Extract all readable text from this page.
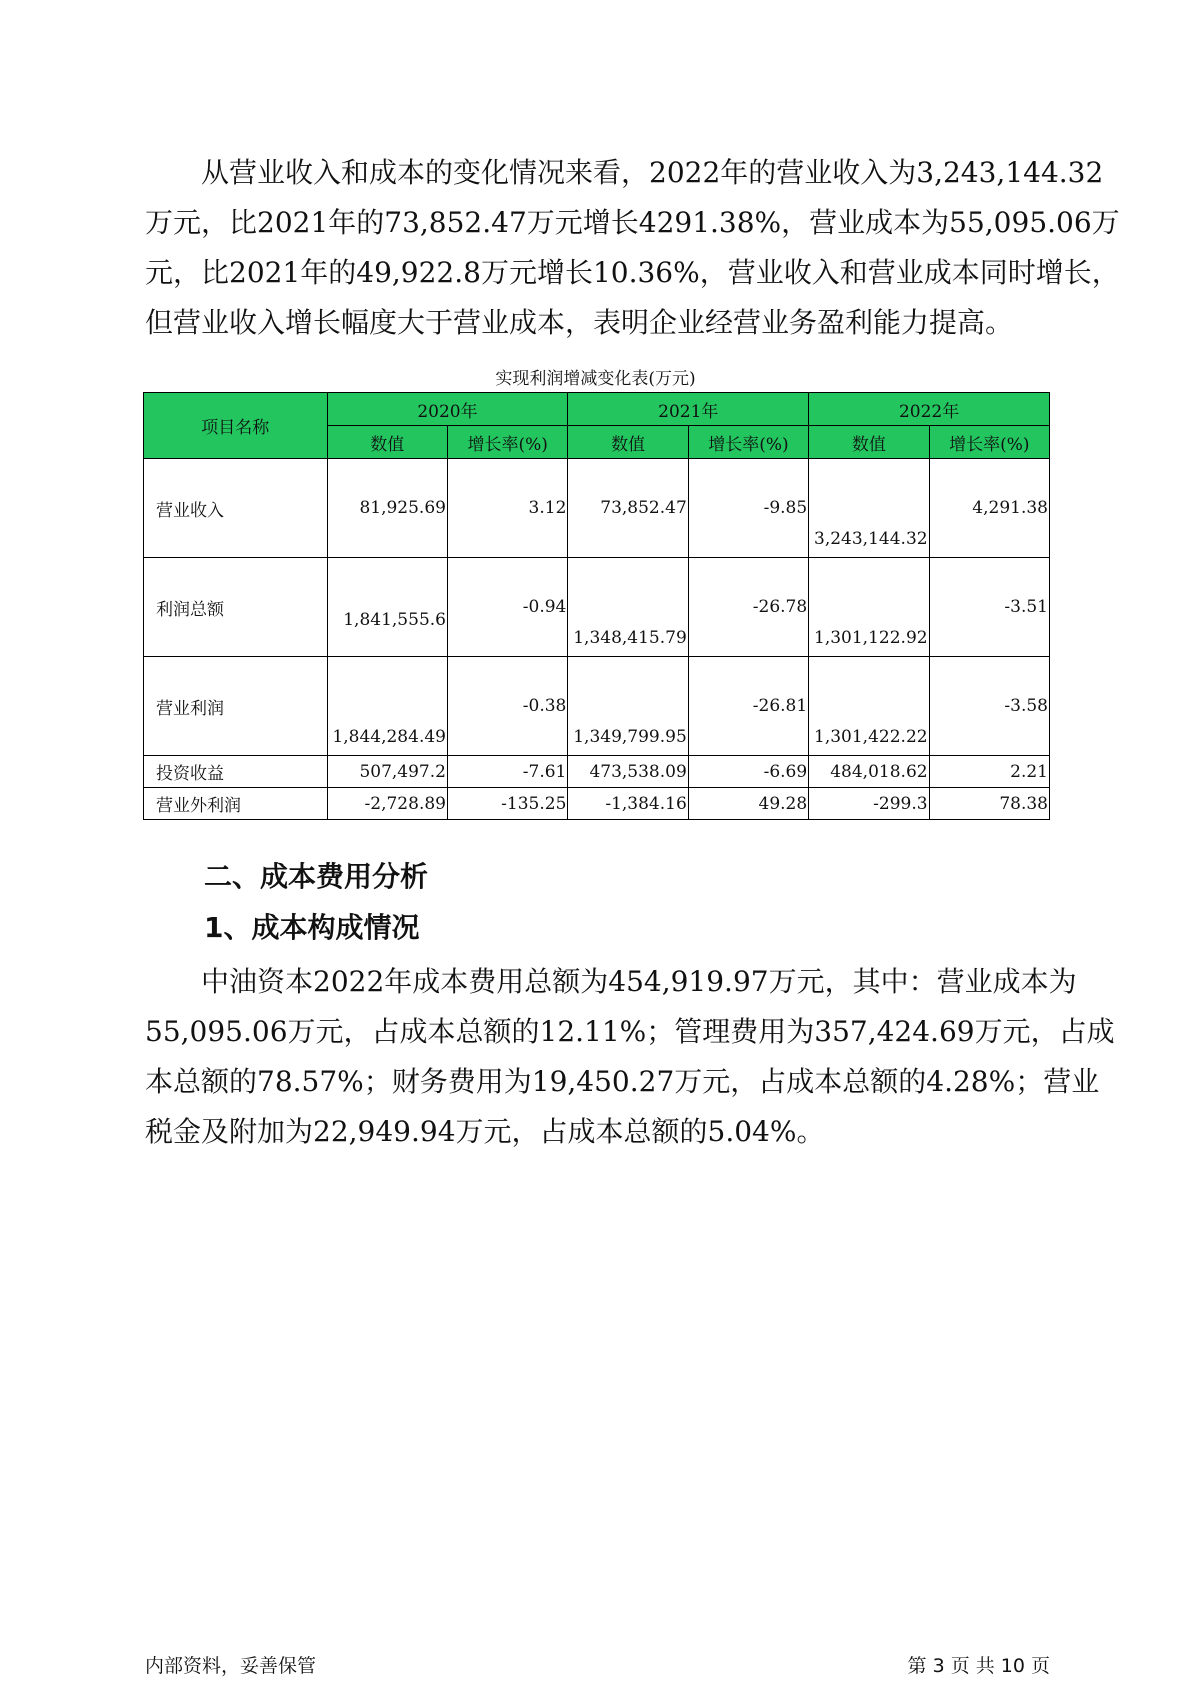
从营业收入和成本的变化情况来看，2022年的营业收入为3,243,144.32
万元，比2021年的73,852.47万元增长4291.38%，营业成本为55,095.06万
元，比2021年的49,922.8万元增长10.36%，营业收入和营业成本同时增长，
但营业收入增长幅度大于营业成本，表明企业经营业务盈利能力提高。
实现利润增减变化表(万元)
项目名称	2020年		2021年		2022年	
	数值	增长率(%)	数值	增长率(%)	数值	增长率(%)
营业收入	81,925.69	3.12	73,852.47	-9.85	3,243,144.32	4,291.38
利润总额	1,841,555.6	-0.94	1,348,415.79	-26.78	1,301,122.92	-3.51
营业利润	1,844,284.49	-0.38	1,349,799.95	-26.81	1,301,422.22	-3.58
投资收益	507,497.2	-7.61	473,538.09	-6.69	484,018.62	2.21
营业外利润	-2,728.89	-135.25	-1,384.16	49.28	-299.3	78.38
二、成本费用分析
1、成本构成情况
中油资本2022年成本费用总额为454,919.97万元，其中：营业成本为
55,095.06万元，占成本总额的12.11%；管理费用为357,424.69万元，占成
本总额的78.57%；财务费用为19,450.27万元，占成本总额的4.28%；营业
税金及附加为22,949.94万元，占成本总额的5.04%。
内部资料，妥善保管	第 3 页 共 10 页
